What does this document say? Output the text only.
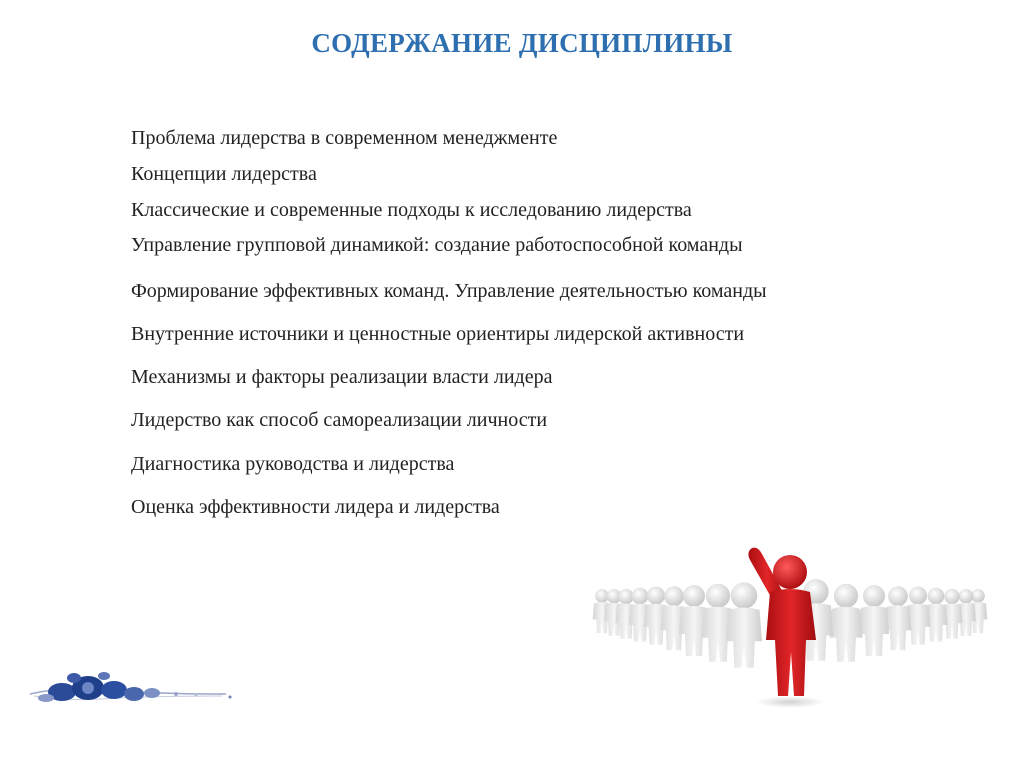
СОДЕРЖАНИЕ ДИСЦИПЛИНЫ
Проблема лидерства в современном менеджменте
Концепции лидерства
Классические и современные подходы к исследованию лидерства
Управление групповой динамикой: создание работоспособной команды
Формирование эффективных команд. Управление деятельностью команды
Внутренние источники и ценностные ориентиры лидерской активности
Механизмы и факторы реализации власти лидера
Лидерство как способ самореализации личности
Диагностика руководства и лидерства
Оценка эффективности лидера и лидерства
